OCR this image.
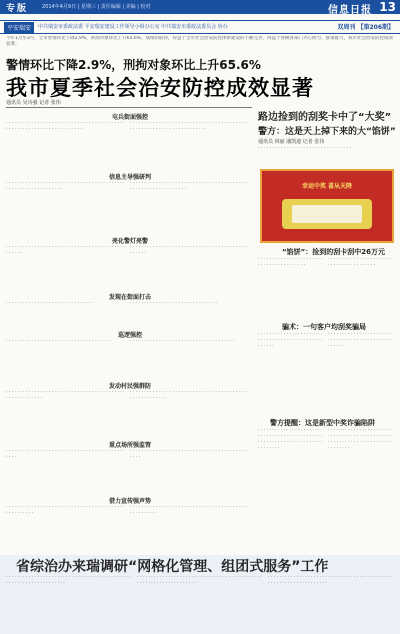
专版	2014年4月9日 | 星期三 | 责任编辑 | 美编 | 校对	信息日报 13
平安瑞安	中共瑞安市委政法委 平安瑞安建设工作领导小组办公室 中共瑞安市委政法委员会 协办	双周刊 【第206期】
今年1月至3月，全市警情环比下降2.9%，刑拘对象环比上升65.6%。成绩的取得，得益于全市社会治安防控体系建设的不断完善，得益于各级各部门齐心协力、群策群力，我市社会治安防控成效显著。
警情环比下降2.9%，刑拘对象环比上升65.6%
我市夏季社会治安防控成效显著
通讯员 吴诗强 记者 张伟
屯兵街面强控
· · · · · · · · · · · · · · · · · · · · · · · · · · · · · · · · · · · · · · · · · · · · · · · · · · · · · · · · · · · · · · · · · · · · ·
· · · · · · · · · · · · · · · · · · · · · · · · · · · · · · · · · · · · · · · · · · · · · · · · · · · · · · · · · · · · · · · · · · · · ·
信息主导强研判
· · · · · · · · · · · · · · · · · · · · · · · · · · · · · · · · · · · · · · · · · · · · · · · · · · · · · · · · · · · · · ·
· · · · · · · · · · · · · · · · · · · · · · · · · · · · · · · · · · · · · · · · · · · · · · · · · · · · · · · · · · · · · ·
亮化警灯亮警
· · · · · · · · · · · · · · · · · · · · · · · · · · · · · · · · · · · · · · · · · · · · · · · ·
· · · · · · · · · · · · · · · · · · · · · · · · · · · · · · · · · · · · · · · · · · · · · · · ·
发现在街面打击
· · · · · · · · · · · · · · · · · · · · · · · · · · · · · · ·	· · · · · · · · · · · · · · · · · · · · · · · · · · · · · · ·
巡逻强控
· · · · · · · · · · · · · · · · · · · · · · · · · · · · · · · · · · · · ·	· · · · · · · · · · · · · · · · · · · · · · · · · · · · · · · · · · · · ·
发动村民强群防
· · · · · · · · · · · · · · · · · · · · · · · · · · · · · · · · · · · · · · · · · · · · · · · · · · · · · · ·
· · · · · · · · · · · · · · · · · · · · · · · · · · · · · · · · · · · · · · · · · · · · · · · · · · · · · · ·
重点场所强监管
· · · · · · · · · · · · · · · · · · · · · · · · · · · · · · · · · · · · · · · · · · · · · ·
· · · · · · · · · · · · · · · · · · · · · · · · · · · · · · · · · · · · · · · · · · · · · ·
借力宣传强声势
· · · · · · · · · · · · · · · · · · · · · · · · · · · · · · · · · · · · · · · · · · · · · · · · · · · ·
· · · · · · · · · · · · · · · · · · · · · · · · · · · · · · · · · · · · · · · · · · · · · · · · · · · ·
路边捡到的刮奖卡中了“大奖”
警方：这是天上掉下来的大“馅饼”
通讯员 林丽 潘凯迪 记者 张伟
· · · · · · · · · · · · · · · · · · · · · · · · · · · · · · · · ·
幸运中奖 喜从天降
“馅饼”：捡到的刮卡刮中26万元
· · · · · · · · · · · · · · · · · · · · · · · · · · · · · · · · · · · · · · · ·
· · · · · · · · · · · · · · · · · · · · · · · · · · · · · · · · · · · · · · · ·
骗术：一句客户均刮奖骗局
· · · · · · · · · · · · · · · · · · · · · · · · · · · · · · · · · · · · · · · · · · · · · · · · · · · ·
· · · · · · · · · · · · · · · · · · · · · · · · · · · · · · · · · · · · · · · · · · · · · · · · · · · ·
警方提醒：这是新型中奖诈骗陷阱
· · · · · · · · · · · · · · · · · · · · · · · · · · · · · · · · · · · · · · · · · · · · · · · · · · · · · · · · · · · · · · · · · · · · · · · · · · · · ·
· · · · · · · · · · · · · · · · · · · · · · · · · · · · · · · · · · · · · · · · · · · · · · · · · · · · · · · · · · · · · · · · · · · · · · · · · · · · ·
省综治办来瑞调研“网格化管理、组团式服务”工作
· · · · · · · · · · · · · · · · · · · · · · · · · · · · · · · · · · · · · · · · · · · · · · · · · · · · · · · · · · · · · · · · ·
· · · · · · · · · · · · · · · · · · · · · · · · · · · · · · · · · · · · · · · · · · · · · · · · · · · · · · · · · · · · · · · · ·
· · · · · · · · · · · · · · · · · · · · · · · · · · · · · · · · · · · · · · · · · · · · · · · · · · · · · · · · · · · · · · · · ·
